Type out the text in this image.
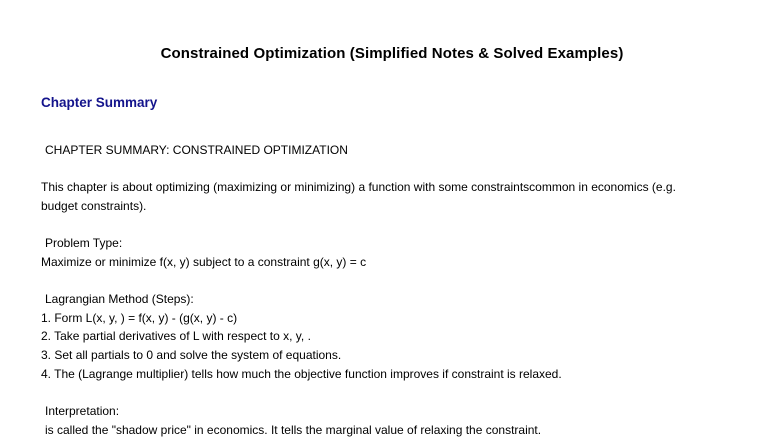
Constrained Optimization (Simplified Notes & Solved Examples)
Chapter Summary
CHAPTER SUMMARY: CONSTRAINED OPTIMIZATION
This chapter is about optimizing (maximizing or minimizing) a function with some constraintscommon in economics (e.g.
budget constraints).
Problem Type:
Maximize or minimize f(x, y) subject to a constraint g(x, y) = c
Lagrangian Method (Steps):
1. Form L(x, y, ) = f(x, y) - (g(x, y) - c)
2. Take partial derivatives of L with respect to x, y, .
3. Set all partials to 0 and solve the system of equations.
4. The (Lagrange multiplier) tells how much the objective function improves if constraint is relaxed.
Interpretation:
is called the "shadow price" in economics. It tells the marginal value of relaxing the constraint.
